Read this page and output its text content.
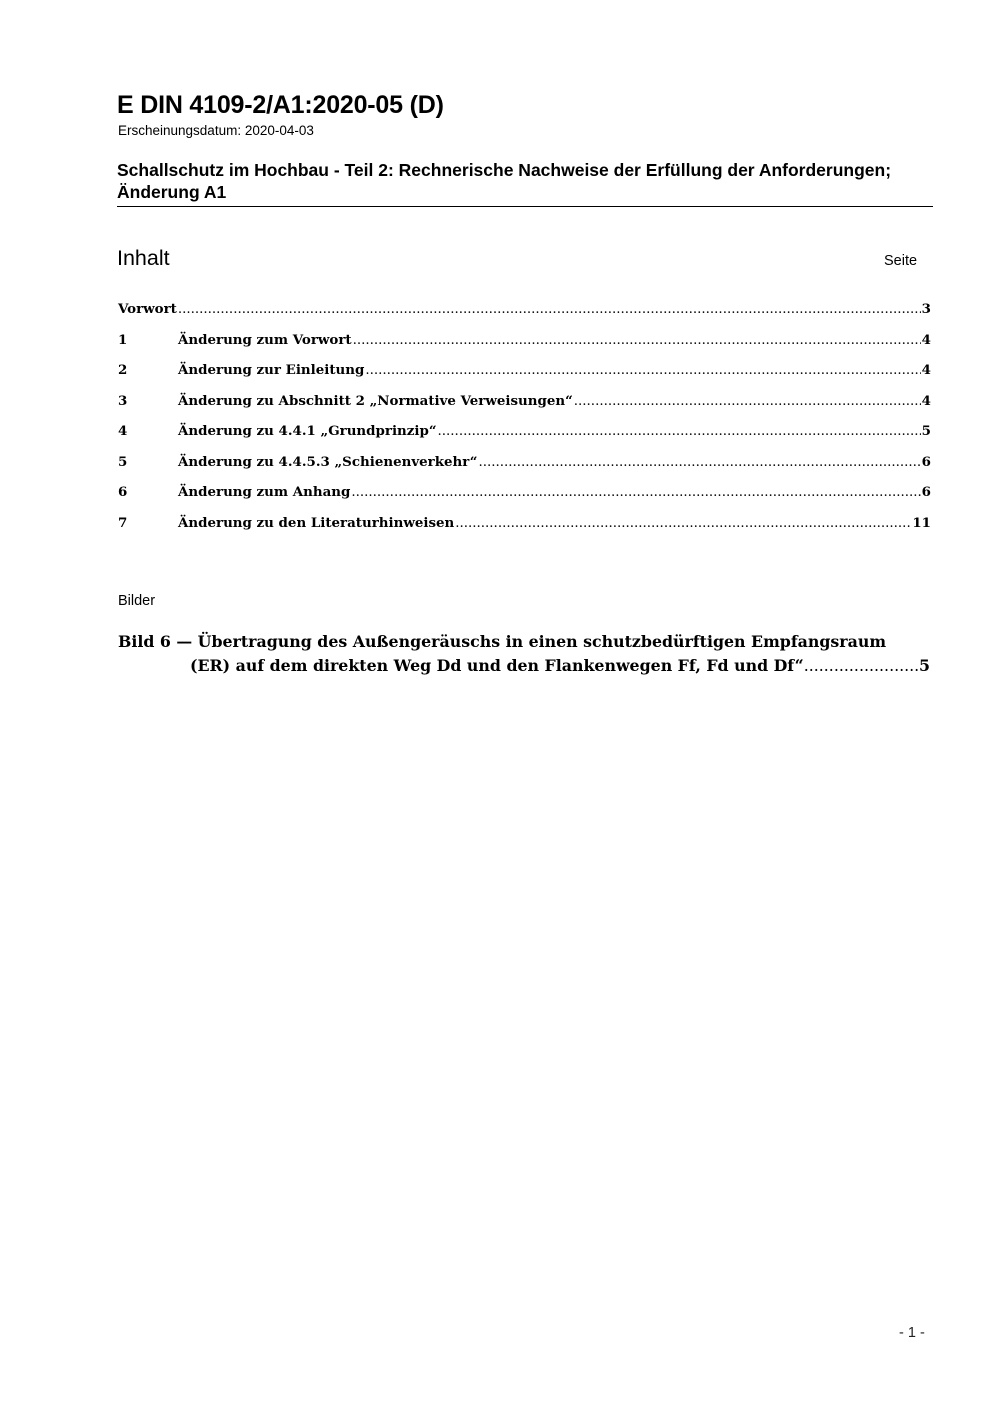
E DIN 4109-2/A1:2020-05 (D)
Erscheinungsdatum: 2020-04-03
Schallschutz im Hochbau - Teil 2: Rechnerische Nachweise der Erfüllung der Anforderungen; Änderung A1
Inhalt	Seite
Vorwort .....	3
1	Änderung zum Vorwort .....	4
2	Änderung zur Einleitung .....	4
3	Änderung zu Abschnitt 2 „Normative Verweisungen“ .....	4
4	Änderung zu 4.4.1 „Grundprinzip“ .....	5
5	Änderung zu 4.4.5.3 „Schienenverkehr“ .....	6
6	Änderung zum Anhang .....	6
7	Änderung zu den Literaturhinweisen .....	11
Bilder
Bild 6 — Übertragung des Außengeräuschs in einen schutzbedürftigen Empfangsraum
(ER) auf dem direkten Weg Dd und den Flankenwegen Ff, Fd und Df“ .....	5
- 1 -
